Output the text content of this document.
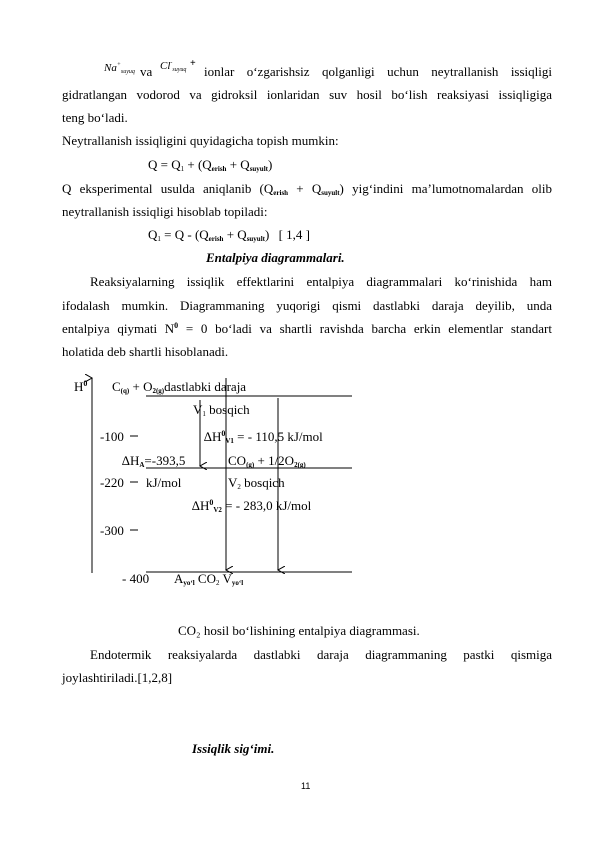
Na+suyuq va Cl-suyuq
+
ionlar o‘zgarishsiz qolganligi uchun neytrallanish issiqligi
gidratlangan vodorod va gidroksil ionlaridan suv hosil bo‘lish reaksiyasi issiqligiga
teng bo‘ladi.
Neytrallanish issiqligini quyidagicha topish mumkin:
$Q = Q_1 + (Q_{erish} + Q_{suyult})$
Q eksperimental usulda aniqlanib $(Q_{erish} + Q_{suyult})$ yig‘indini ma’lumotnomalardan olib
neytrallanish issiqligi hisoblab topiladi:
$Q_1 = Q - (Q_{erish} + Q_{suyult})$ [ 1,4 ]
Entalpiya diagrammalari.
Reaksiyalarning issiqlik effektlarini entalpiya diagrammalari ko‘rinishida ham
ifodalash mumkin. Diagrammaning yuqorigi qismi dastlabki daraja deyilib, unda
entalpiya qiymati $N^0 = 0$ bo‘ladi va shartli ravishda barcha erkin elementlar standart
holatida deb shartli hisoblanadi.
$H^0$ $C_{(q)}$ + $O_{2(g)}dastlabki$ daraja
$V_1$ bosqich
-100	$\Delta H^0_{V1}$ = - 110,5 kJ/mol
$\Delta H_A=-393,5$	$CO_{(g)} + 1/2O_{2(g)}$
-220 kJ/mol	$V_2$ bosqich
$\Delta H^0_{V2}$ = - 283,0 kJ/mol
-300
- 400 $A_{yo‘l}$ $CO_2$ $V_{yo‘l}$
CO₂ hosil bo‘lishining entalpiya diagrammasi.
Endotermik reaksiyalarda dastlabki daraja diagrammaning pastki qismiga
joylashtiriladi.[1,2,8]
Issiqlik sig‘imi.
11
